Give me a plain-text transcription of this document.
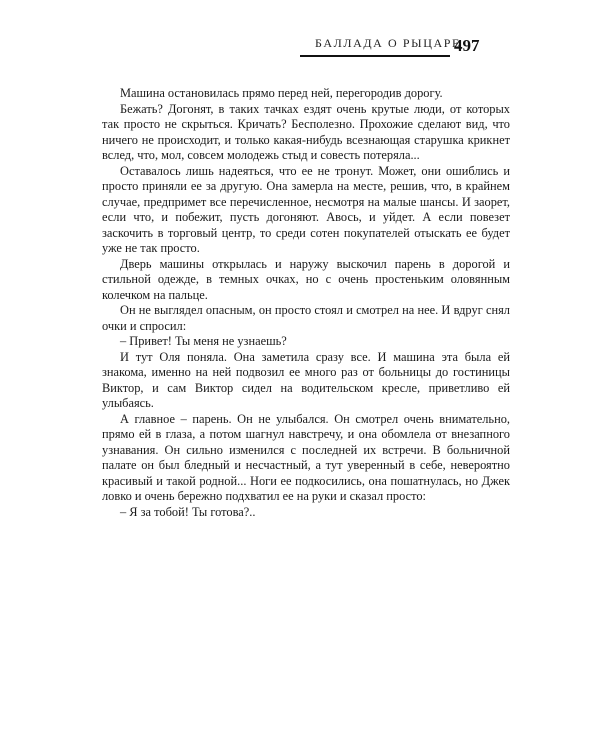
БАЛЛАДА О РЫЦАРЕ
497

Машина остановилась прямо перед ней, перегородив дорогу.

Бежать? Догонят, в таких тачках ездят очень крутые люди, от которых так просто не скрыться. Кричать? Бесполезно. Прохожие сделают вид, что ничего не происходит, и только какая-нибудь всезнающая старушка крикнет вслед, что, мол, совсем молодежь стыд и совесть потеряла...

Оставалось лишь надеяться, что ее не тронут. Может, они ошиблись и просто приняли ее за другую. Она замерла на месте, решив, что, в крайнем случае, предпримет все перечисленное, несмотря на малые шансы. И заорет, если что, и побежит, пусть догоняют. Авось, и уйдет. А если повезет заскочить в торговый центр, то среди сотен покупателей отыскать ее будет уже не так просто.

Дверь машины открылась и наружу выскочил парень в дорогой и стильной одежде, в темных очках, но с очень простеньким оловянным колечком на пальце.

Он не выглядел опасным, он просто стоял и смотрел на нее. И вдруг снял очки и спросил:

– Привет! Ты меня не узнаешь?

И тут Оля поняла. Она заметила сразу все. И машина эта была ей знакома, именно на ней подвозил ее много раз от больницы до гостиницы Виктор, и сам Виктор сидел на водительском кресле, приветливо ей улыбаясь.

А главное – парень. Он не улыбался. Он смотрел очень внимательно, прямо ей в глаза, а потом шагнул навстречу, и она обомлела от внезапного узнавания. Он сильно изменился с последней их встречи. В больничной палате он был бледный и несчастный, а тут уверенный в себе, невероятно красивый и такой родной... Ноги ее подкосились, она пошатнулась, но Джек ловко и очень бережно подхватил ее на руки и сказал просто:

– Я за тобой! Ты готова?..
